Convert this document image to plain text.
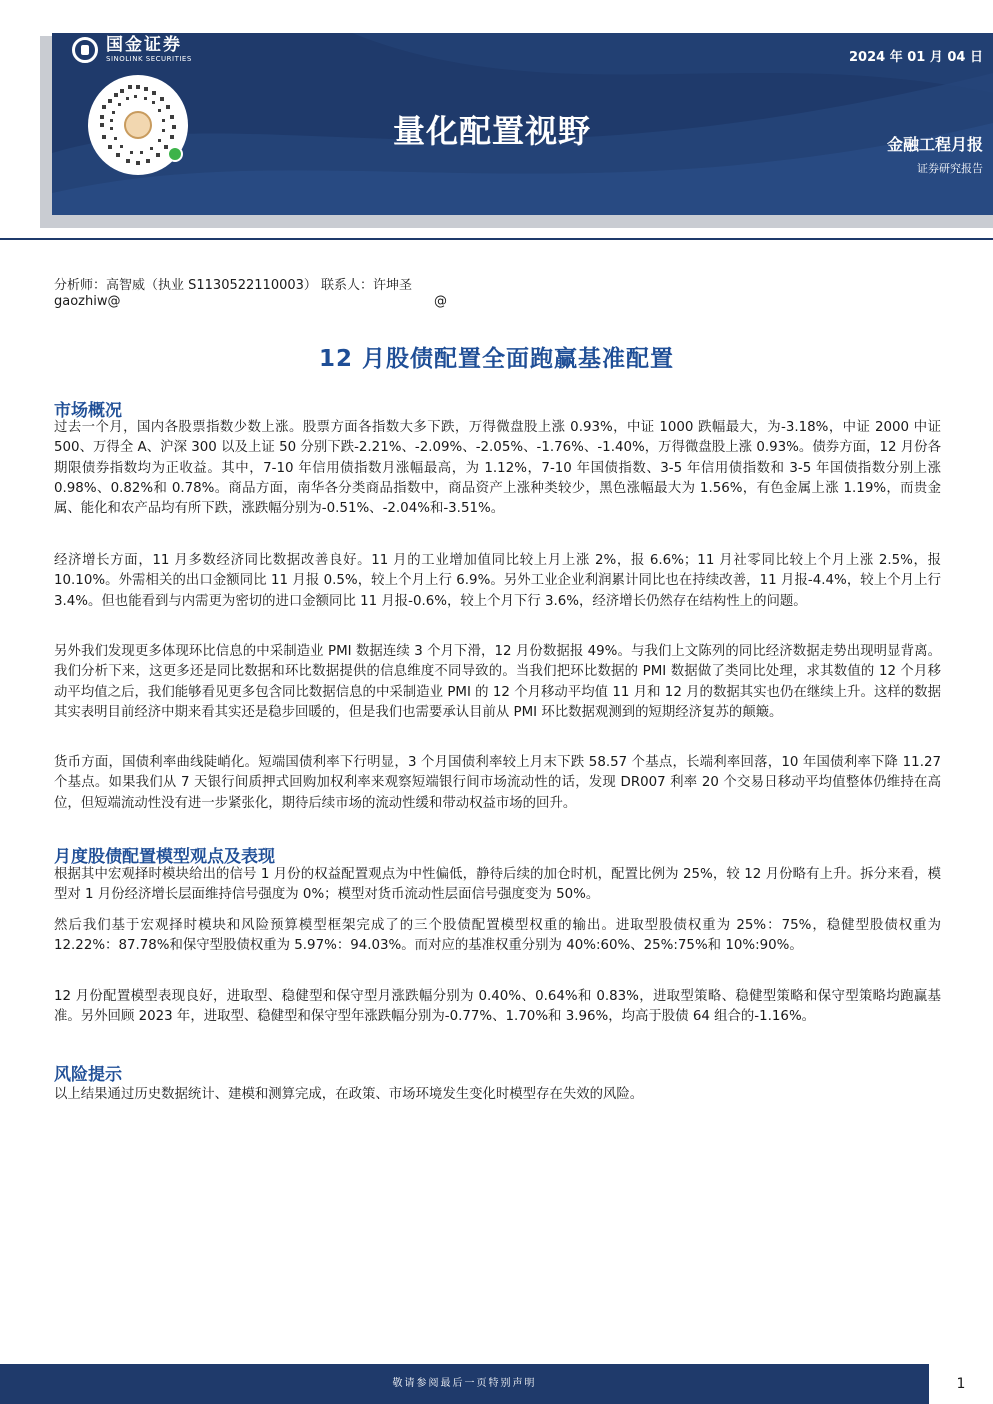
国金证券
SINOLINK SECURITIES	2024 年 01 月 04 日
量化配置视野	金融工程月报
证券研究报告
分析师：高智威（执业 S1130522110003） 联系人：许坤圣
gaozhiw@	@
12 月股债配置全面跑赢基准配置
市场概况
过去一个月，国内各股票指数少数上涨。股票方面各指数大多下跌，万得微盘股上涨 0.93%，中证 1000 跌幅最大，为-3.18%，中证 2000 中证 500、万得全 A、沪深 300 以及上证 50 分别下跌-2.21%、-2.09%、-2.05%、-1.76%、-1.40%，万得微盘股上涨 0.93%。债券方面，12 月份各期限债券指数均为正收益。其中，7-10 年信用债指数月涨幅最高，为 1.12%，7-10 年国债指数、3-5 年信用债指数和 3-5 年国债指数分别上涨 0.98%、0.82%和 0.78%。商品方面，南华各分类商品指数中，商品资产上涨种类较少，黑色涨幅最大为 1.56%，有色金属上涨 1.19%，而贵金属、能化和农产品均有所下跌，涨跌幅分别为-0.51%、-2.04%和-3.51%。
经济增长方面，11 月多数经济同比数据改善良好。11 月的工业增加值同比较上月上涨 2%，报 6.6%；11 月社零同比较上个月上涨 2.5%，报 10.10%。外需相关的出口金额同比 11 月报 0.5%，较上个月上行 6.9%。另外工业企业利润累计同比也在持续改善，11 月报-4.4%，较上个月上行 3.4%。但也能看到与内需更为密切的进口金额同比 11 月报-0.6%，较上个月下行 3.6%，经济增长仍然存在结构性上的问题。
另外我们发现更多体现环比信息的中采制造业 PMI 数据连续 3 个月下滑，12 月份数据报 49%。与我们上文陈列的同比经济数据走势出现明显背离。我们分析下来，这更多还是同比数据和环比数据提供的信息维度不同导致的。当我们把环比数据的 PMI 数据做了类同比处理，求其数值的 12 个月移动平均值之后，我们能够看见更多包含同比数据信息的中采制造业 PMI 的 12 个月移动平均值 11 月和 12 月的数据其实也仍在继续上升。这样的数据其实表明目前经济中期来看其实还是稳步回暖的，但是我们也需要承认目前从 PMI 环比数据观测到的短期经济复苏的颠簸。
货币方面，国债利率曲线陡峭化。短端国债利率下行明显，3 个月国债利率较上月末下跌 58.57 个基点，长端利率回落，10 年国债利率下降 11.27 个基点。如果我们从 7 天银行间质押式回购加权利率来观察短端银行间市场流动性的话，发现 DR007 利率 20 个交易日移动平均值整体仍维持在高位，但短端流动性没有进一步紧张化，期待后续市场的流动性缓和带动权益市场的回升。
月度股债配置模型观点及表现
根据其中宏观择时模块给出的信号 1 月份的权益配置观点为中性偏低，静待后续的加仓时机，配置比例为 25%，较 12 月份略有上升。拆分来看，模型对 1 月份经济增长层面维持信号强度为 0%；模型对货币流动性层面信号强度变为 50%。
然后我们基于宏观择时模块和风险预算模型框架完成了的三个股债配置模型权重的输出。进取型股债权重为 25%：75%，稳健型股债权重为 12.22%：87.78%和保守型股债权重为 5.97%：94.03%。而对应的基准权重分别为 40%:60%、25%:75%和 10%:90%。
12 月份配置模型表现良好，进取型、稳健型和保守型月涨跌幅分别为 0.40%、0.64%和 0.83%，进取型策略、稳健型策略和保守型策略均跑赢基准。另外回顾 2023 年，进取型、稳健型和保守型年涨跌幅分别为-0.77%、1.70%和 3.96%，均高于股债 64 组合的-1.16%。
风险提示
以上结果通过历史数据统计、建模和测算完成，在政策、市场环境发生变化时模型存在失效的风险。
敬请参阅最后一页特别声明	1
